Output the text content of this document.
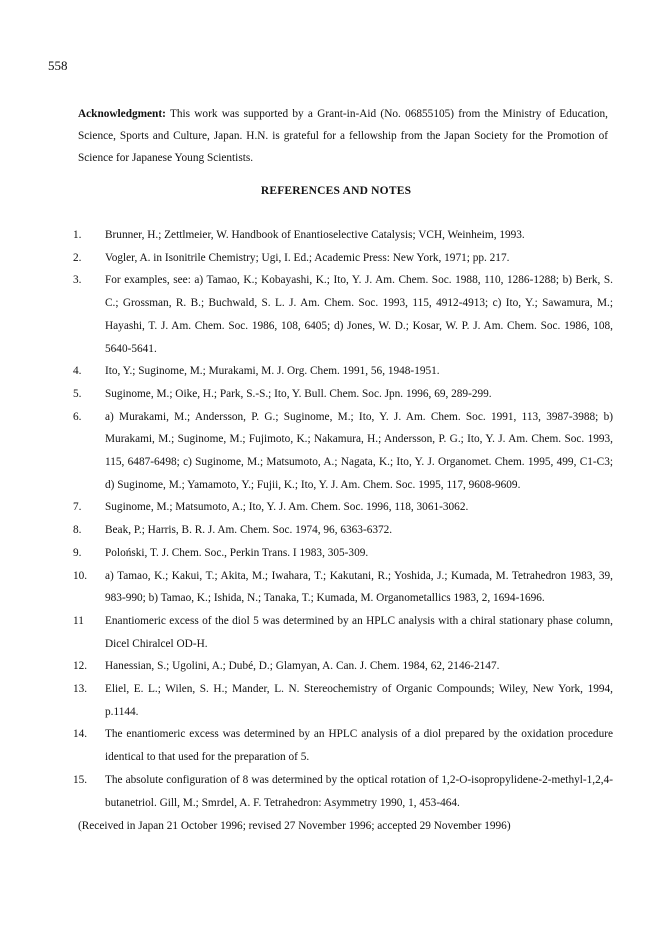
558
Acknowledgment: This work was supported by a Grant-in-Aid (No. 06855105) from the Ministry of Education, Science, Sports and Culture, Japan. H.N. is grateful for a fellowship from the Japan Society for the Promotion of Science for Japanese Young Scientists.
REFERENCES AND NOTES
1.	Brunner, H.; Zettlmeier, W. Handbook of Enantioselective Catalysis; VCH, Weinheim, 1993.
2.	Vogler, A. in Isonitrile Chemistry; Ugi, I. Ed.; Academic Press: New York, 1971; pp. 217.
3.	For examples, see: a) Tamao, K.; Kobayashi, K.; Ito, Y. J. Am. Chem. Soc. 1988, 110, 1286-1288; b) Berk, S. C.; Grossman, R. B.; Buchwald, S. L. J. Am. Chem. Soc. 1993, 115, 4912-4913; c) Ito, Y.; Sawamura, M.; Hayashi, T. J. Am. Chem. Soc. 1986, 108, 6405; d) Jones, W. D.; Kosar, W. P. J. Am. Chem. Soc. 1986, 108, 5640-5641.
4.	Ito, Y.; Suginome, M.; Murakami, M. J. Org. Chem. 1991, 56, 1948-1951.
5.	Suginome, M.; Oike, H.; Park, S.-S.; Ito, Y. Bull. Chem. Soc. Jpn. 1996, 69, 289-299.
6.	a) Murakami, M.; Andersson, P. G.; Suginome, M.; Ito, Y. J. Am. Chem. Soc. 1991, 113, 3987-3988; b) Murakami, M.; Suginome, M.; Fujimoto, K.; Nakamura, H.; Andersson, P. G.; Ito, Y. J. Am. Chem. Soc. 1993, 115, 6487-6498; c) Suginome, M.; Matsumoto, A.; Nagata, K.; Ito, Y. J. Organomet. Chem. 1995, 499, C1-C3; d) Suginome, M.; Yamamoto, Y.; Fujii, K.; Ito, Y. J. Am. Chem. Soc. 1995, 117, 9608-9609.
7.	Suginome, M.; Matsumoto, A.; Ito, Y. J. Am. Chem. Soc. 1996, 118, 3061-3062.
8.	Beak, P.; Harris, B. R. J. Am. Chem. Soc. 1974, 96, 6363-6372.
9.	Poloński, T. J. Chem. Soc., Perkin Trans. I 1983, 305-309.
10.	a) Tamao, K.; Kakui, T.; Akita, M.; Iwahara, T.; Kakutani, R.; Yoshida, J.; Kumada, M. Tetrahedron 1983, 39, 983-990; b) Tamao, K.; Ishida, N.; Tanaka, T.; Kumada, M. Organometallics 1983, 2, 1694-1696.
11	Enantiomeric excess of the diol 5 was determined by an HPLC analysis with a chiral stationary phase column, Dicel Chiralcel OD-H.
12.	Hanessian, S.; Ugolini, A.; Dubé, D.; Glamyan, A. Can. J. Chem. 1984, 62, 2146-2147.
13.	Eliel, E. L.; Wilen, S. H.; Mander, L. N. Stereochemistry of Organic Compounds; Wiley, New York, 1994, p.1144.
14.	The enantiomeric excess was determined by an HPLC analysis of a diol prepared by the oxidation procedure identical to that used for the preparation of 5.
15.	The absolute configuration of 8 was determined by the optical rotation of 1,2-O-isopropylidene-2-methyl-1,2,4-butanetriol. Gill, M.; Smrdel, A. F. Tetrahedron: Asymmetry 1990, 1, 453-464.
(Received in Japan 21 October 1996; revised 27 November 1996; accepted 29 November 1996)
